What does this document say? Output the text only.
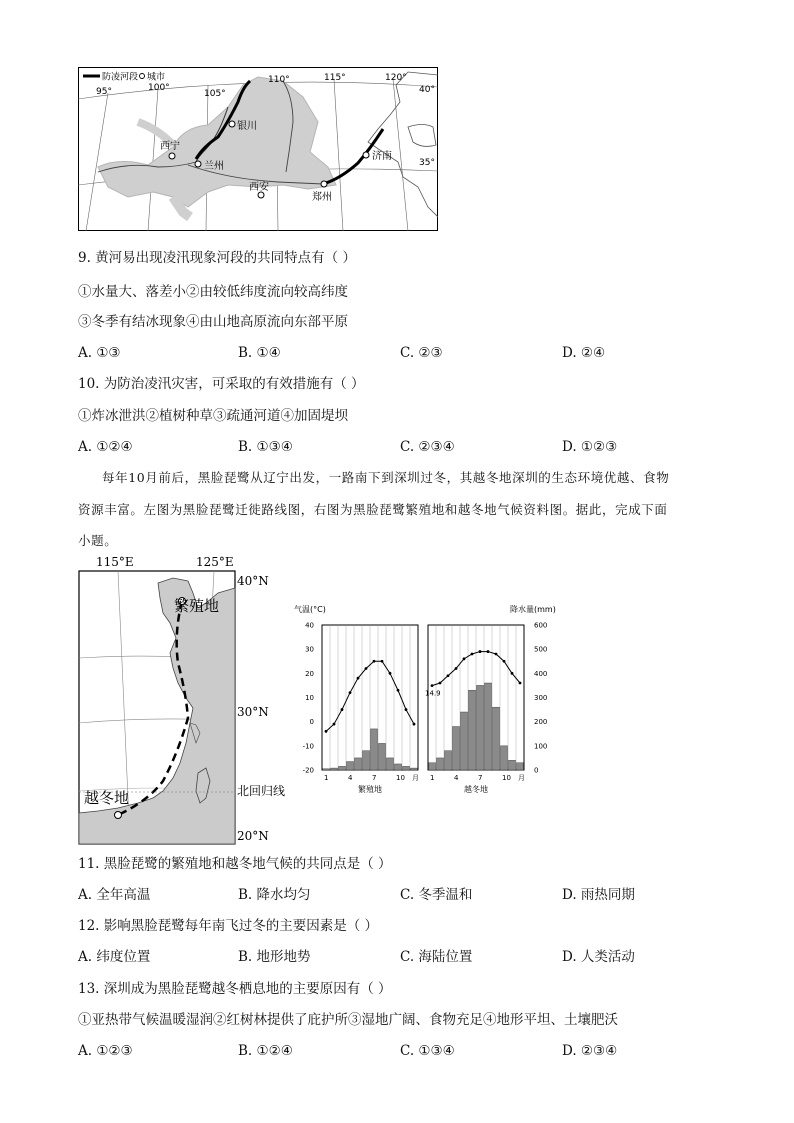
防凌河段 城市
95°	100°
105°
110°	115°	120°
40°
35°
银川
西宁
兰州
西安
郑州
济南
9. 黄河易出现凌汛现象河段的共同特点有（ ）
①水量大、落差小②由较低纬度流向较高纬度
③冬季有结冰现象④由山地高原流向东部平原
A. ①③	B. ①④	C. ②③	D. ②④
10. 为防治凌汛灾害，可采取的有效措施有（ ）
①炸冰泄洪②植树种草③疏通河道④加固堤坝
A. ①②④	B. ①③④	C. ②③④	D. ①②③
每年10月前后，黑脸琵鹭从辽宁出发，一路南下到深圳过冬，其越冬地深圳的生态环境优越、食物
资源丰富。左图为黑脸琵鹭迁徙路线图，右图为黑脸琵鹭繁殖地和越冬地气候资料图。据此，完成下面
小题。
115°E	125°E
繁殖地
越冬地
40°N
30°N
北回归线
20°N
气温(°C)	降水量(mm)
1	4	7	10 月
繁殖地
1	4	7	10 月
越冬地
14.9
40
30
20
10
0
-10
-20
600
500
400
300
200
100
0
11. 黑脸琵鹭的繁殖地和越冬地气候的共同点是（ ）
A. 全年高温	B. 降水均匀	C. 冬季温和	D. 雨热同期
12. 影响黑脸琵鹭每年南飞过冬的主要因素是（ ）
A. 纬度位置	B. 地形地势	C. 海陆位置	D. 人类活动
13. 深圳成为黑脸琵鹭越冬栖息地的主要原因有（ ）
①亚热带气候温暖湿润②红树林提供了庇护所③湿地广阔、食物充足④地形平坦、土壤肥沃
A. ①②③	B. ①②④	C. ①③④	D. ②③④
